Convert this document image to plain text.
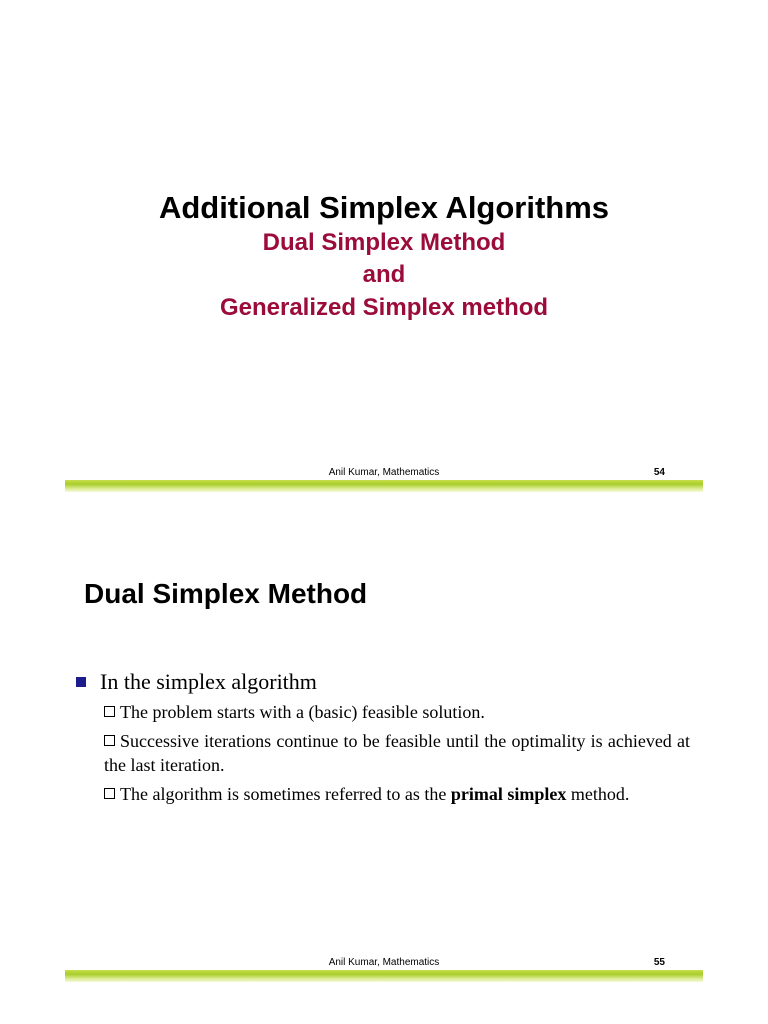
Additional Simplex Algorithms
Dual Simplex Method
and
Generalized Simplex method
Anil Kumar, Mathematics	54
Dual Simplex Method
In the simplex algorithm
The problem starts with a (basic) feasible solution.
Successive iterations continue to be feasible until the optimality is achieved at the last iteration.
The algorithm is sometimes referred to as the primal simplex method.
Anil Kumar, Mathematics	55
